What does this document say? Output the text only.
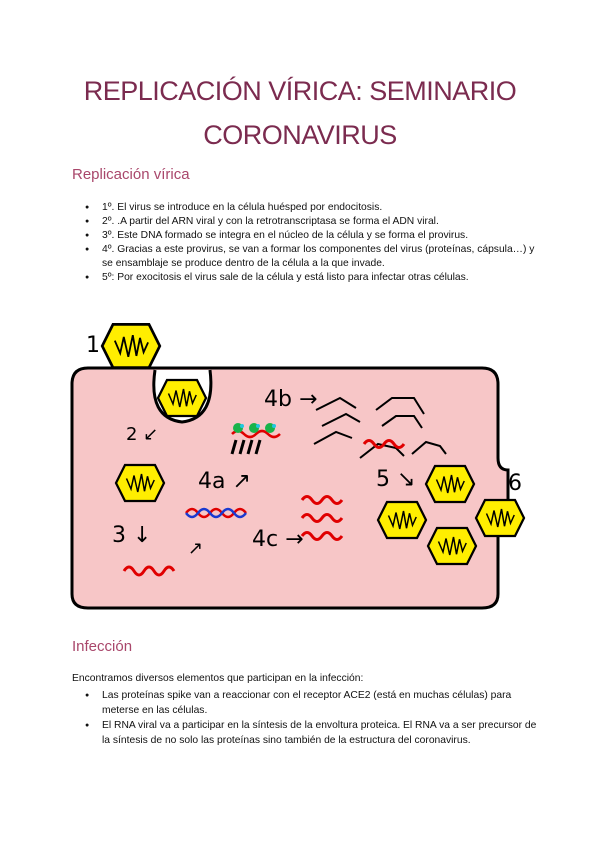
REPLICACIÓN VÍRICA: SEMINARIO
CORONAVIRUS
Replicación vírica
● 1º. El virus se introduce en la célula huésped por endocitosis.
● 2º. .A partir del ARN viral y con la retrotranscriptasa se forma el ADN viral.
● 3º. Este DNA formado se integra en el núcleo de la célula y se forma el provirus.
● 4º. Gracias a este provirus, se van a formar los componentes del virus (proteínas, cápsula…) y se ensamblaje se produce dentro de la célula a la que invade.
● 5º: Por exocitosis el virus sale de la célula y está listo para infectar otras células.
1
2 ↙
3 ↓
4a ↗
4b →
4c →
5 ↘	6
↗
Infección
Encontramos diversos elementos que participan en la infección:
● Las proteínas spike van a reaccionar con el receptor ACE2 (está en muchas células) para meterse en las células.
● El RNA viral va a participar en la síntesis de la envoltura proteica. El RNA va a ser precursor de la síntesis de no solo las proteínas sino también de la estructura del coronavirus.
